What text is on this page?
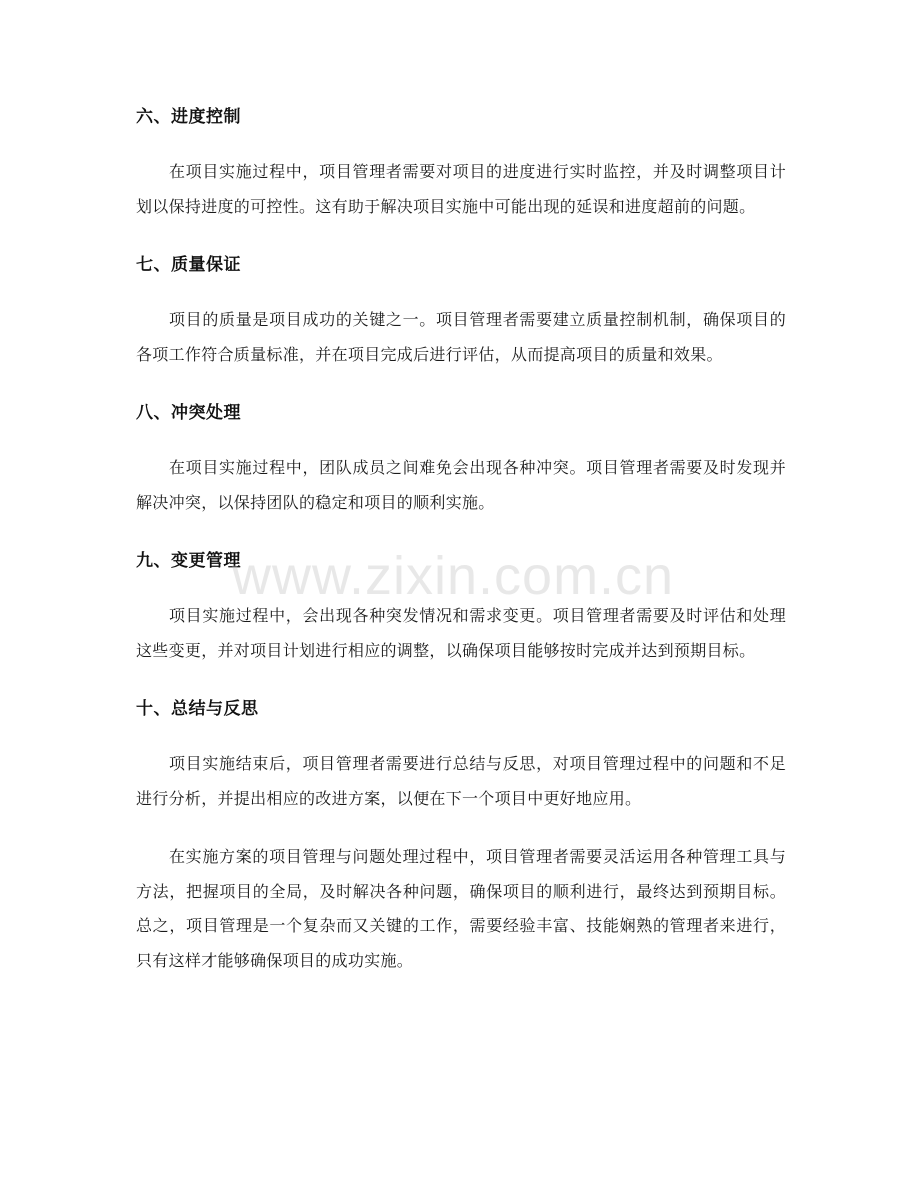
六、进度控制

在项目实施过程中，项目管理者需要对项目的进度进行实时监控，并及时调整项目计划以保持进度的可控性。这有助于解决项目实施中可能出现的延误和进度超前的问题。

七、质量保证

项目的质量是项目成功的关键之一。项目管理者需要建立质量控制机制，确保项目的各项工作符合质量标准，并在项目完成后进行评估，从而提高项目的质量和效果。

八、冲突处理

在项目实施过程中，团队成员之间难免会出现各种冲突。项目管理者需要及时发现并解决冲突，以保持团队的稳定和项目的顺利实施。

九、变更管理

项目实施过程中，会出现各种突发情况和需求变更。项目管理者需要及时评估和处理这些变更，并对项目计划进行相应的调整，以确保项目能够按时完成并达到预期目标。

十、总结与反思

项目实施结束后，项目管理者需要进行总结与反思，对项目管理过程中的问题和不足进行分析，并提出相应的改进方案，以便在下一个项目中更好地应用。

在实施方案的项目管理与问题处理过程中，项目管理者需要灵活运用各种管理工具与方法，把握项目的全局，及时解决各种问题，确保项目的顺利进行，最终达到预期目标。总之，项目管理是一个复杂而又关键的工作，需要经验丰富、技能娴熟的管理者来进行，只有这样才能够确保项目的成功实施。

www.zixin.com.cn
